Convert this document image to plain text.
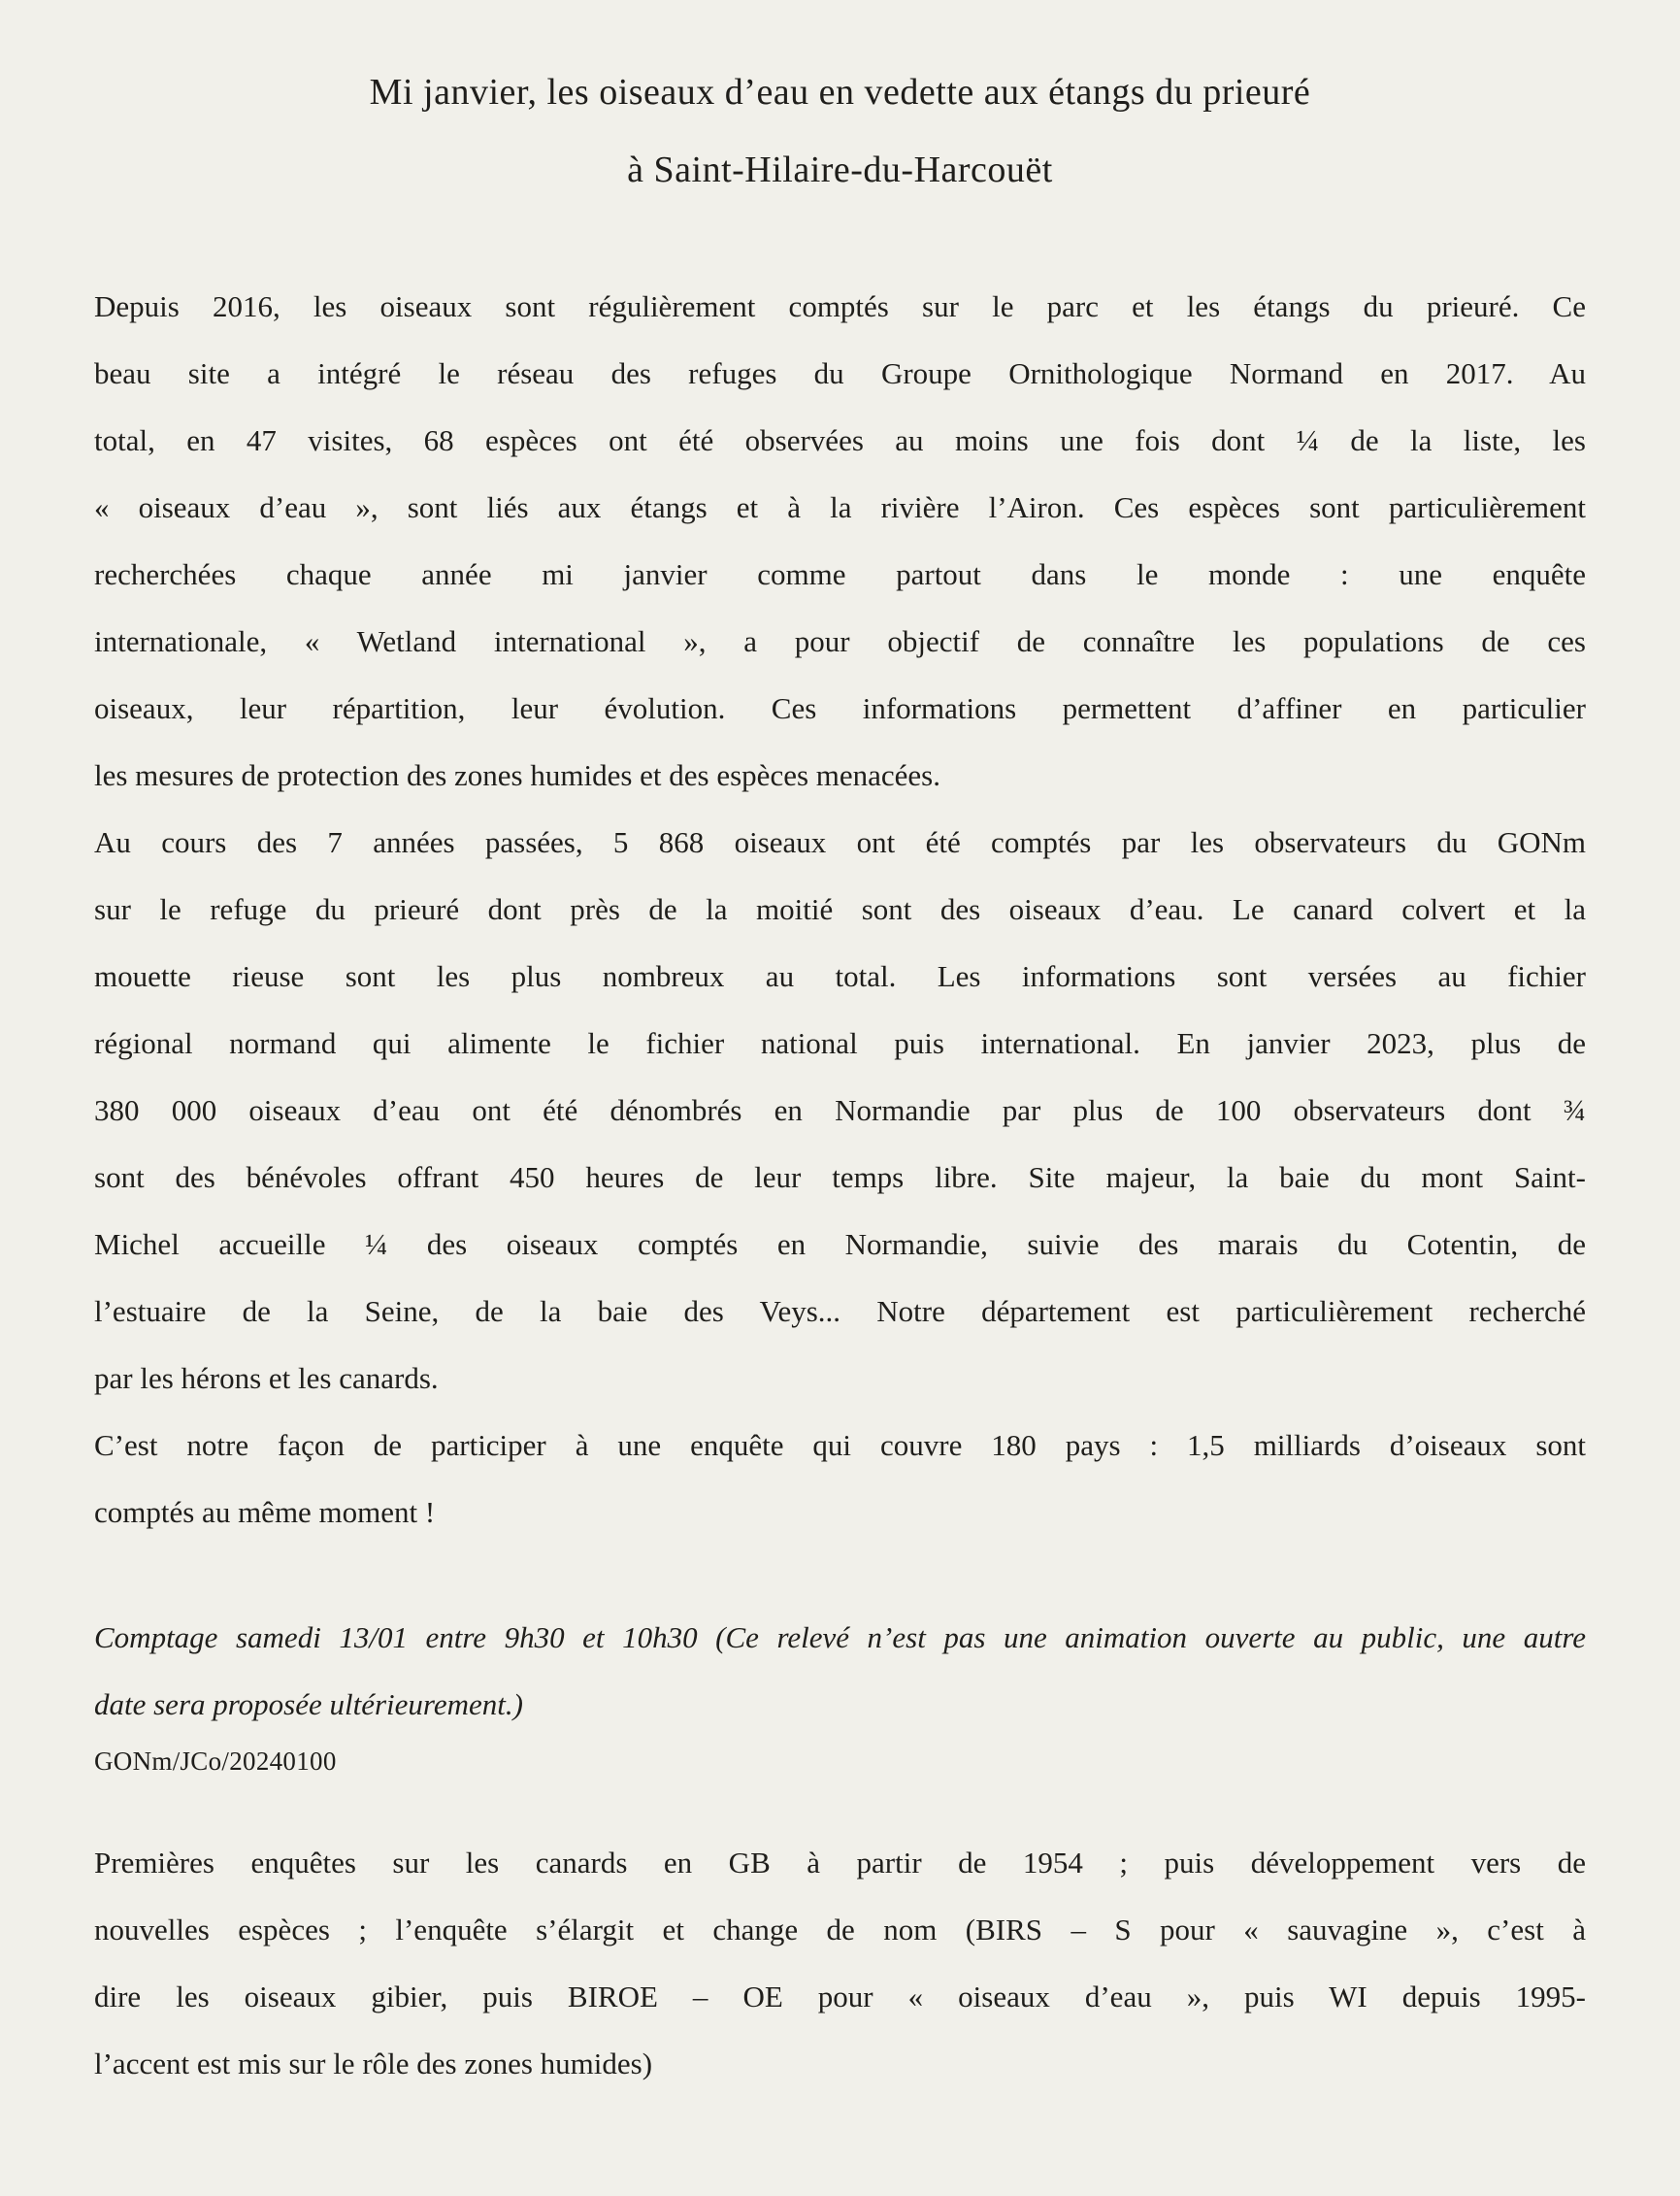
Mi janvier, les oiseaux d’eau en vedette aux étangs du prieuré
à Saint-Hilaire-du-Harcouët
Depuis 2016, les oiseaux sont régulièrement comptés sur le parc et les étangs du prieuré. Ce
beau site a intégré le réseau des refuges du Groupe Ornithologique Normand en 2017. Au
total, en 47 visites, 68 espèces ont été observées au moins une fois dont ¼ de la liste, les
« oiseaux d’eau », sont liés aux étangs et à la rivière l’Airon. Ces espèces sont particulièrement
recherchées chaque année mi janvier comme partout dans le monde : une enquête
internationale, « Wetland international », a pour objectif de connaître les populations de ces
oiseaux, leur répartition, leur évolution. Ces informations permettent d’affiner en particulier
les mesures de protection des zones humides et des espèces menacées.
Au cours des 7 années passées, 5 868 oiseaux ont été comptés par les observateurs du GONm
sur le refuge du prieuré dont près de la moitié sont des oiseaux d’eau. Le canard colvert et la
mouette rieuse sont les plus nombreux au total. Les informations sont versées au fichier
régional normand qui alimente le fichier national puis international. En janvier 2023, plus de
380 000 oiseaux d’eau ont été dénombrés en Normandie par plus de 100 observateurs dont ¾
sont des bénévoles offrant 450 heures de leur temps libre. Site majeur, la baie du mont Saint-
Michel accueille ¼ des oiseaux comptés en Normandie, suivie des marais du Cotentin, de
l’estuaire de la Seine, de la baie des Veys... Notre département est particulièrement recherché
par les hérons et les canards.
C’est notre façon de participer à une enquête qui couvre 180 pays : 1,5 milliards d’oiseaux sont
comptés au même moment !
Comptage samedi 13/01 entre 9h30 et 10h30 (Ce relevé n’est pas une animation ouverte au public, une autre
date sera proposée ultérieurement.)
GONm/JCo/20240100
Premières enquêtes sur les canards en GB à partir de 1954 ; puis développement vers de
nouvelles espèces ; l’enquête s’élargit et change de nom (BIRS – S pour « sauvagine », c’est à
dire les oiseaux gibier, puis BIROE – OE pour « oiseaux d’eau », puis WI depuis 1995-
l’accent est mis sur le rôle des zones humides)
